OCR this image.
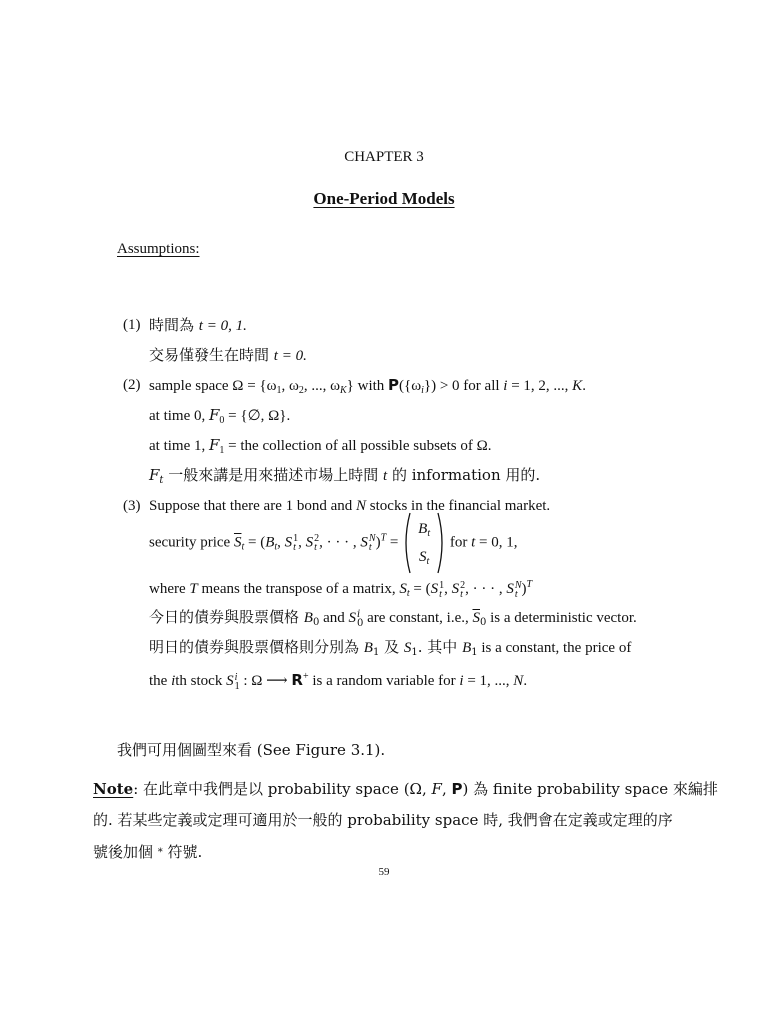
CHAPTER 3
One-Period Models
Assumptions:
(1) 時間為 t = 0, 1.
交易僅發生在時間 t = 0.
(2) sample space $\Omega = \{\omega_1$, $\omega_2$, ..., $\omega_K$} with $P(\{\omega_i\}) > 0$ for all i = 1, 2, ..., K.
at time 0, $F_0$ = {∅, Ω}.
at time 1, $F_1$ = the collection of all possible subsets of Ω.
$F_t$ 一般來講是用來描述市場上時間 t 的 information 用的.
(3) Suppose that there are 1 bond and N stocks in the financial market.
security price $\overline{S}_t = (B_t$, S 1
t , S 2
t , · · · , S N
t )$^T$ =
$B_t$
$S_t$
for t = 0, 1,
where T means the transpose of a matrix, $S_t = (S$ 1
t , S 2
t , · · · , S N
t )$^T$
今日的債券與股票價格 $B_0$ and S i
0 are constant, i.e., $\overline{S}_0$ is a deterministic vector.
明日的債券與股票價格則分別為 $B_1$ 及 $S_1$. 其中 $B_1$ is a constant, the price of
the ith stock S i
1 : Ω ⟶ R+ is a random variable for i = 1, ..., N.
我們可用個圖型來看 (See Figure 3.1).
Note: 在此章中我們是以 probability space (Ω, F, P) 為 finite probability space 來編排
的. 若某些定義或定理可適用於一般的 probability space 時, 我們會在定義或定理的序
號後加個 * 符號.
59
